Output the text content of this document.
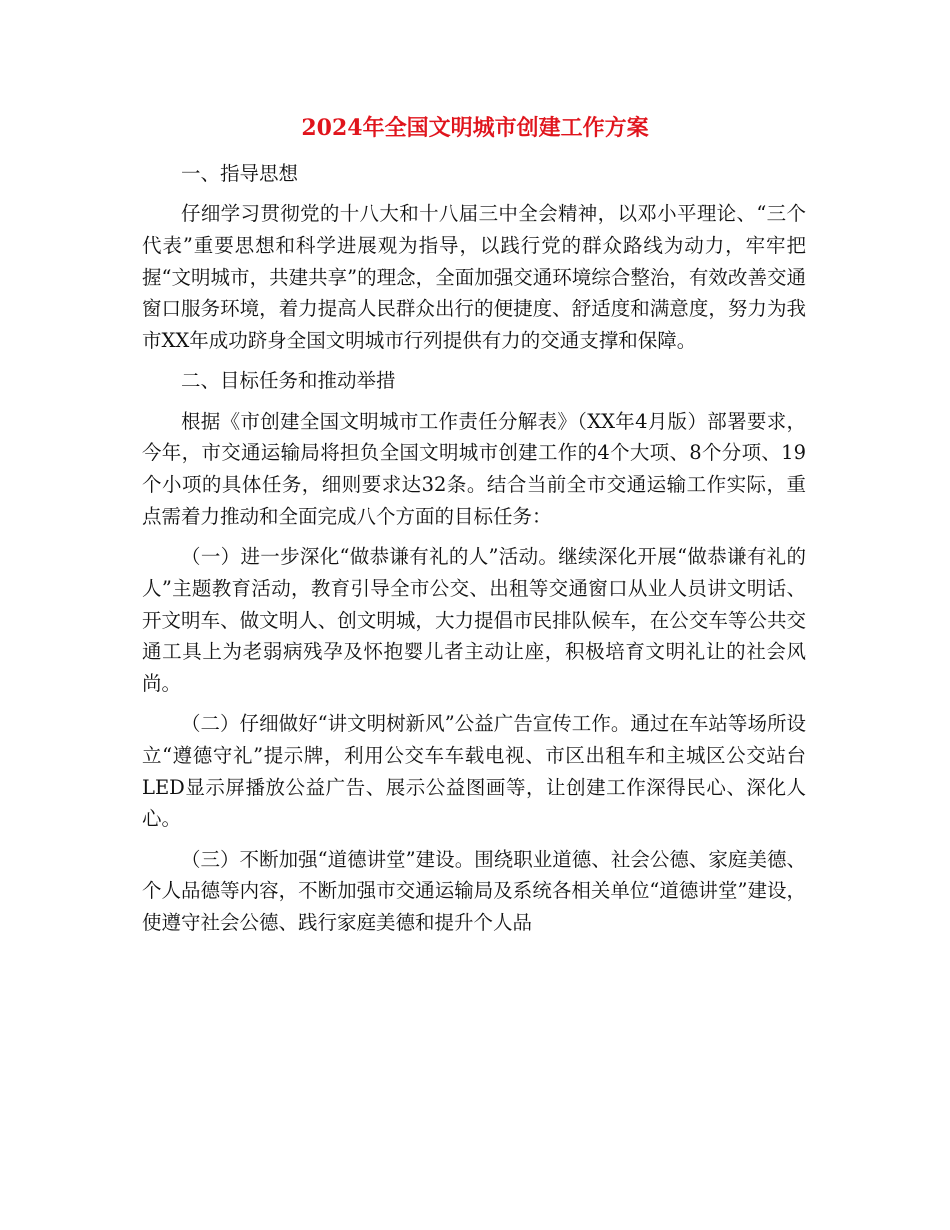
2024年全国文明城市创建工作方案

一、指导思想

仔细学习贯彻党的十八大和十八届三中全会精神，以邓小平理论、“三个代表”重要思想和科学进展观为指导，以践行党的群众路线为动力，牢牢把握“文明城市，共建共享”的理念，全面加强交通环境综合整治，有效改善交通窗口服务环境，着力提高人民群众出行的便捷度、舒适度和满意度，努力为我市XX年成功跻身全国文明城市行列提供有力的交通支撑和保障。

二、目标任务和推动举措

根据《市创建全国文明城市工作责任分解表》（XX年4月版）部署要求，今年，市交通运输局将担负全国文明城市创建工作的4个大项、8个分项、19个小项的具体任务，细则要求达32条。结合当前全市交通运输工作实际，重点需着力推动和全面完成八个方面的目标任务：

（一）进一步深化“做恭谦有礼的人”活动。继续深化开展“做恭谦有礼的人”主题教育活动，教育引导全市公交、出租等交通窗口从业人员讲文明话、开文明车、做文明人、创文明城，大力提倡市民排队候车，在公交车等公共交通工具上为老弱病残孕及怀抱婴儿者主动让座，积极培育文明礼让的社会风尚。

（二）仔细做好“讲文明树新风”公益广告宣传工作。通过在车站等场所设立“遵德守礼”提示牌，利用公交车车载电视、市区出租车和主城区公交站台LED显示屏播放公益广告、展示公益图画等，让创建工作深得民心、深化人心。

（三）不断加强“道德讲堂”建设。围绕职业道德、社会公德、家庭美德、个人品德等内容，不断加强市交通运输局及系统各相关单位“道德讲堂”建设，使遵守社会公德、践行家庭美德和提升个人品
